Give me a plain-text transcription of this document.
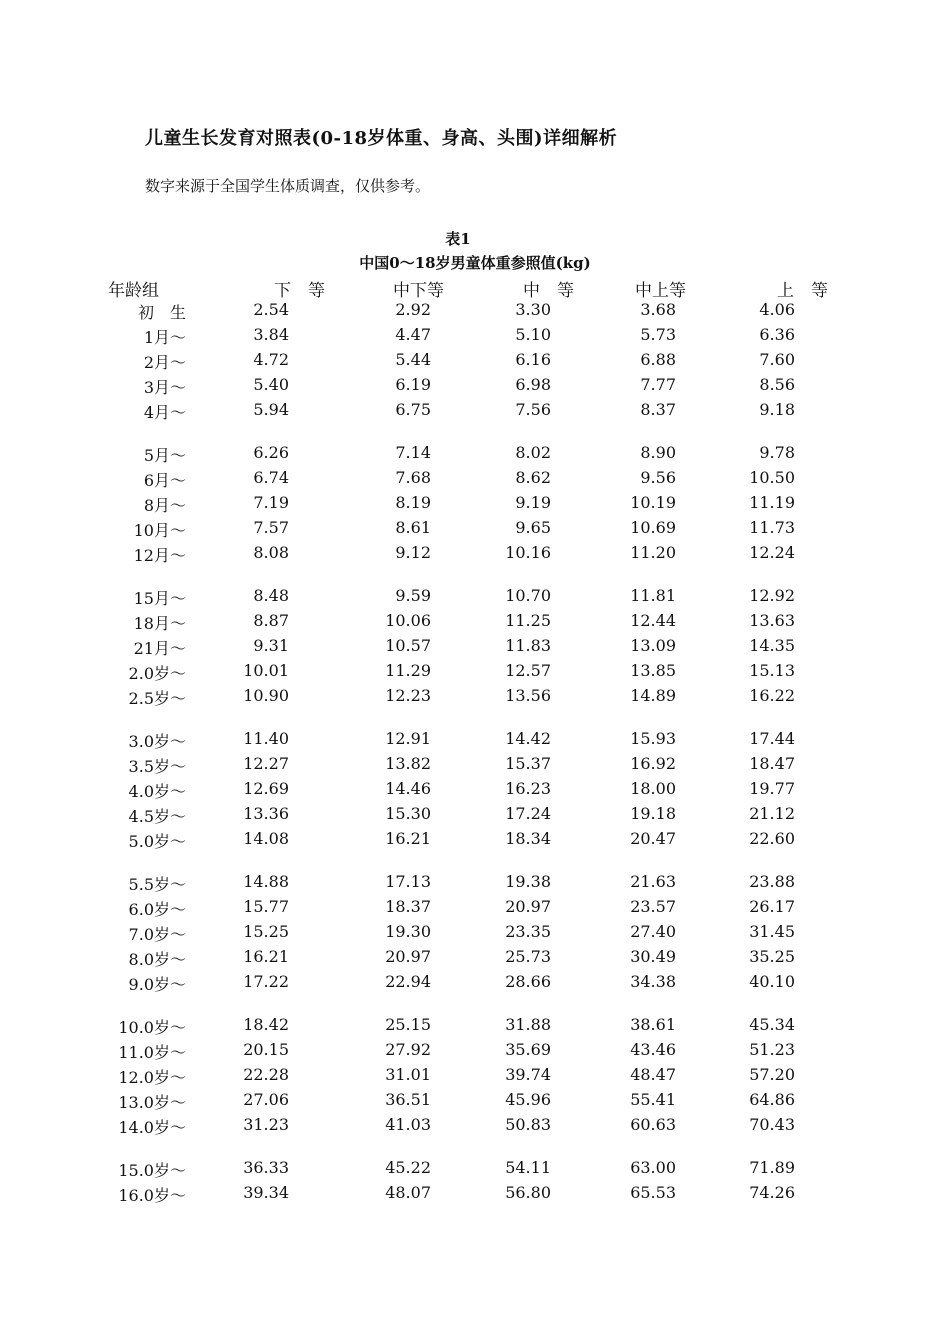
儿童生长发育对照表(0-18岁体重、身高、头围)详细解析
数字来源于全国学生体质调查，仅供参考。
表1
中国0～18岁男童体重参照值(kg)
年龄组	下　等	中下等	中　等	中上等	上　等
初　生	2.54	2.92	3.30	3.68	4.06
1月～	3.84	4.47	5.10	5.73	6.36
2月～	4.72	5.44	6.16	6.88	7.60
3月～	5.40	6.19	6.98	7.77	8.56
4月～	5.94	6.75	7.56	8.37	9.18
5月～	6.26	7.14	8.02	8.90	9.78
6月～	6.74	7.68	8.62	9.56	10.50
8月～	7.19	8.19	9.19	10.19	11.19
10月～	7.57	8.61	9.65	10.69	11.73
12月～	8.08	9.12	10.16	11.20	12.24
15月～	8.48	9.59	10.70	11.81	12.92
18月～	8.87	10.06	11.25	12.44	13.63
21月～	9.31	10.57	11.83	13.09	14.35
2.0岁～	10.01	11.29	12.57	13.85	15.13
2.5岁～	10.90	12.23	13.56	14.89	16.22
3.0岁～	11.40	12.91	14.42	15.93	17.44
3.5岁～	12.27	13.82	15.37	16.92	18.47
4.0岁～	12.69	14.46	16.23	18.00	19.77
4.5岁～	13.36	15.30	17.24	19.18	21.12
5.0岁～	14.08	16.21	18.34	20.47	22.60
5.5岁～	14.88	17.13	19.38	21.63	23.88
6.0岁～	15.77	18.37	20.97	23.57	26.17
7.0岁～	15.25	19.30	23.35	27.40	31.45
8.0岁～	16.21	20.97	25.73	30.49	35.25
9.0岁～	17.22	22.94	28.66	34.38	40.10
10.0岁～	18.42	25.15	31.88	38.61	45.34
11.0岁～	20.15	27.92	35.69	43.46	51.23
12.0岁～	22.28	31.01	39.74	48.47	57.20
13.0岁～	27.06	36.51	45.96	55.41	64.86
14.0岁～	31.23	41.03	50.83	60.63	70.43
15.0岁～	36.33	45.22	54.11	63.00	71.89
16.0岁～	39.34	48.07	56.80	65.53	74.26
